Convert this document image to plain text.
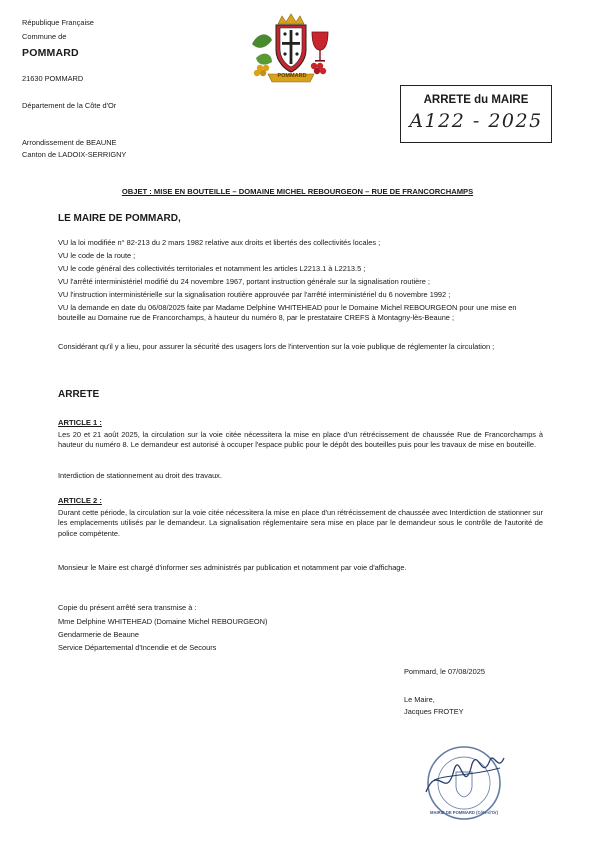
République Française
Commune de
POMMARD
21630 POMMARD
Département de la Côte d'Or
Arrondissement de BEAUNE
Canton de LADOIX-SERRIGNY
POMMARD
ARRETE du MAIRE
A122 - 2025
OBJET : MISE EN BOUTEILLE – DOMAINE MICHEL REBOURGEON – RUE DE FRANCORCHAMPS
LE MAIRE DE POMMARD,
VU la loi modifiée n° 82-213 du 2 mars 1982 relative aux droits et libertés des collectivités locales ;
VU le code de la route ;
VU le code général des collectivités territoriales et notamment les articles L2213.1 à L2213.5 ;
VU l'arrêté interministériel modifié du 24 novembre 1967, portant instruction générale sur la signalisation routière ;
VU l'instruction interministérielle sur la signalisation routière approuvée par l'arrêté interministériel du 6 novembre 1992 ;
VU la demande en date du 06/08/2025 faite par Madame Delphine WHITEHEAD pour le Domaine Michel REBOURGEON pour une mise en bouteille au Domaine rue de Francorchamps, à hauteur du numéro 8, par le prestataire CREFS à Montagny-lès-Beaune ;
Considérant qu'il y a lieu, pour assurer la sécurité des usagers lors de l'intervention sur la voie publique de réglementer la circulation ;
ARRETE
ARTICLE 1 :
Les 20 et 21 août 2025, la circulation sur la voie citée nécessitera la mise en place d'un rétrécissement de chaussée Rue de Francorchamps à hauteur du numéro 8. Le demandeur est autorisé à occuper l'espace public pour le dépôt des bouteilles puis pour les travaux de mise en bouteille.
Interdiction de stationnement au droit des travaux.
ARTICLE 2 :
Durant cette période, la circulation sur la voie citée nécessitera la mise en place d'un rétrécissement de chaussée avec Interdiction de stationner sur les emplacements utilisés par le demandeur. La signalisation réglementaire sera mise en place par le demandeur sous le contrôle de l'autorité de police compétente.
Monsieur le Maire est chargé d'informer ses administrés par publication et notamment par voie d'affichage.
Copie du présent arrêté sera transmise à :
Mme Delphine WHITEHEAD (Domaine Michel REBOURGEON)
Gendarmerie de Beaune
Service Départemental d'Incendie et de Secours
Pommard, le 07/08/2025
Le Maire,
Jacques FROTEY
MAIRIE DE POMMARD (Côte-d'Or)
